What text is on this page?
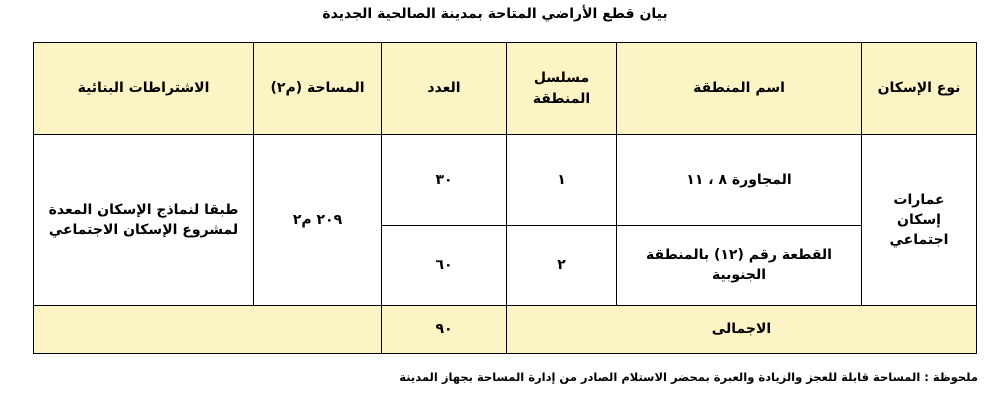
بيان قطع الأراضي المتاحة بمدينة الصالحية الجديدة
نوع الإسكان	اسم المنطقة	مسلسل المنطقة	العدد	المساحة (م٢)	الاشتراطات البنائية
عمارات إسكان اجتماعي	المجاورة ٨ ، ١١	١	٣٠	٢٠٩ م٢	طبقا لنماذج الإسكان المعدة لمشروع الإسكان الاجتماعي
	القطعة رقم (١٢) بالمنطقة الجنوبية	٢	٦٠		
الاجمالى			٩٠		
ملحوظة : المساحة قابلة للعجز والزيادة والعبرة بمحضر الاستلام الصادر من إدارة المساحة بجهاز المدينة
